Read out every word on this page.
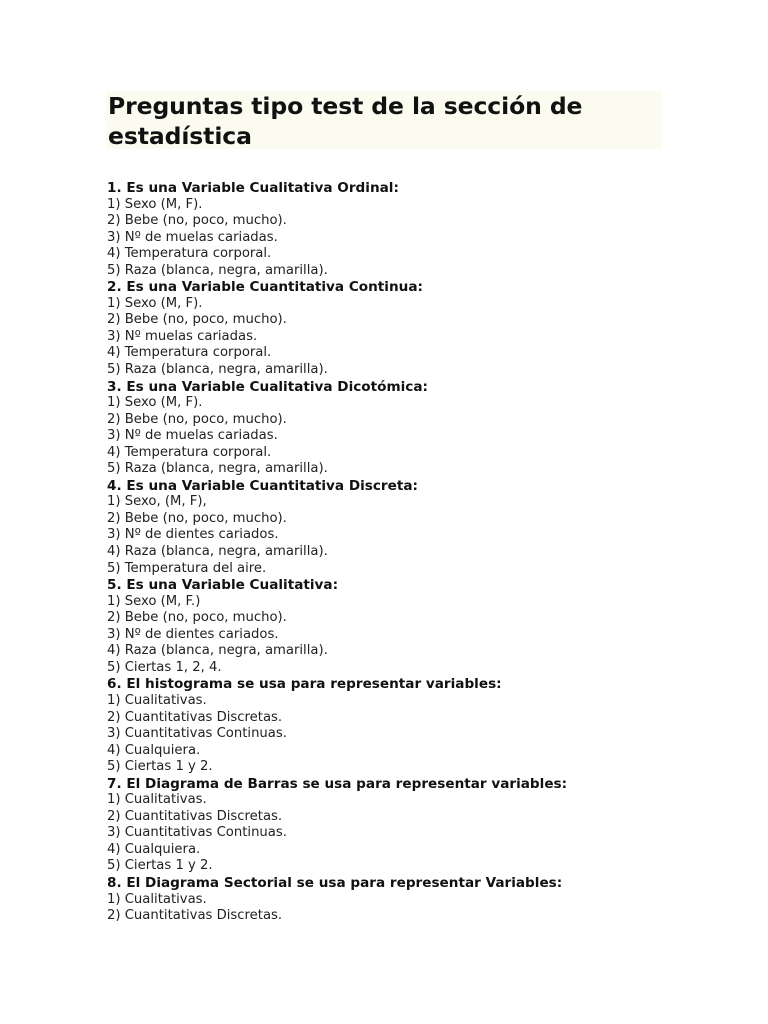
Preguntas tipo test de la sección de estadística
1. Es una Variable Cualitativa Ordinal:
1) Sexo (M, F).
2) Bebe (no, poco, mucho).
3) Nº de muelas cariadas.
4) Temperatura corporal.
5) Raza (blanca, negra, amarilla).
2. Es una Variable Cuantitativa Continua:
1) Sexo (M, F).
2) Bebe (no, poco, mucho).
3) Nº muelas cariadas.
4) Temperatura corporal.
5) Raza (blanca, negra, amarilla).
3. Es una Variable Cualitativa Dicotómica:
1) Sexo (M, F).
2) Bebe (no, poco, mucho).
3) Nº de muelas cariadas.
4) Temperatura corporal.
5) Raza (blanca, negra, amarilla).
4. Es una Variable Cuantitativa Discreta:
1) Sexo, (M, F),
2) Bebe (no, poco, mucho).
3) Nº de dientes cariados.
4) Raza (blanca, negra, amarilla).
5) Temperatura del aire.
5. Es una Variable Cualitativa:
1) Sexo (M, F.)
2) Bebe (no, poco, mucho).
3) Nº de dientes cariados.
4) Raza (blanca, negra, amarilla).
5) Ciertas 1, 2, 4.
6. El histograma se usa para representar variables:
1) Cualitativas.
2) Cuantitativas Discretas.
3) Cuantitativas Continuas.
4) Cualquiera.
5) Ciertas 1 y 2.
7. El Diagrama de Barras se usa para representar variables:
1) Cualitativas.
2) Cuantitativas Discretas.
3) Cuantitativas Continuas.
4) Cualquiera.
5) Ciertas 1 y 2.
8. El Diagrama Sectorial se usa para representar Variables:
1) Cualitativas.
2) Cuantitativas Discretas.
